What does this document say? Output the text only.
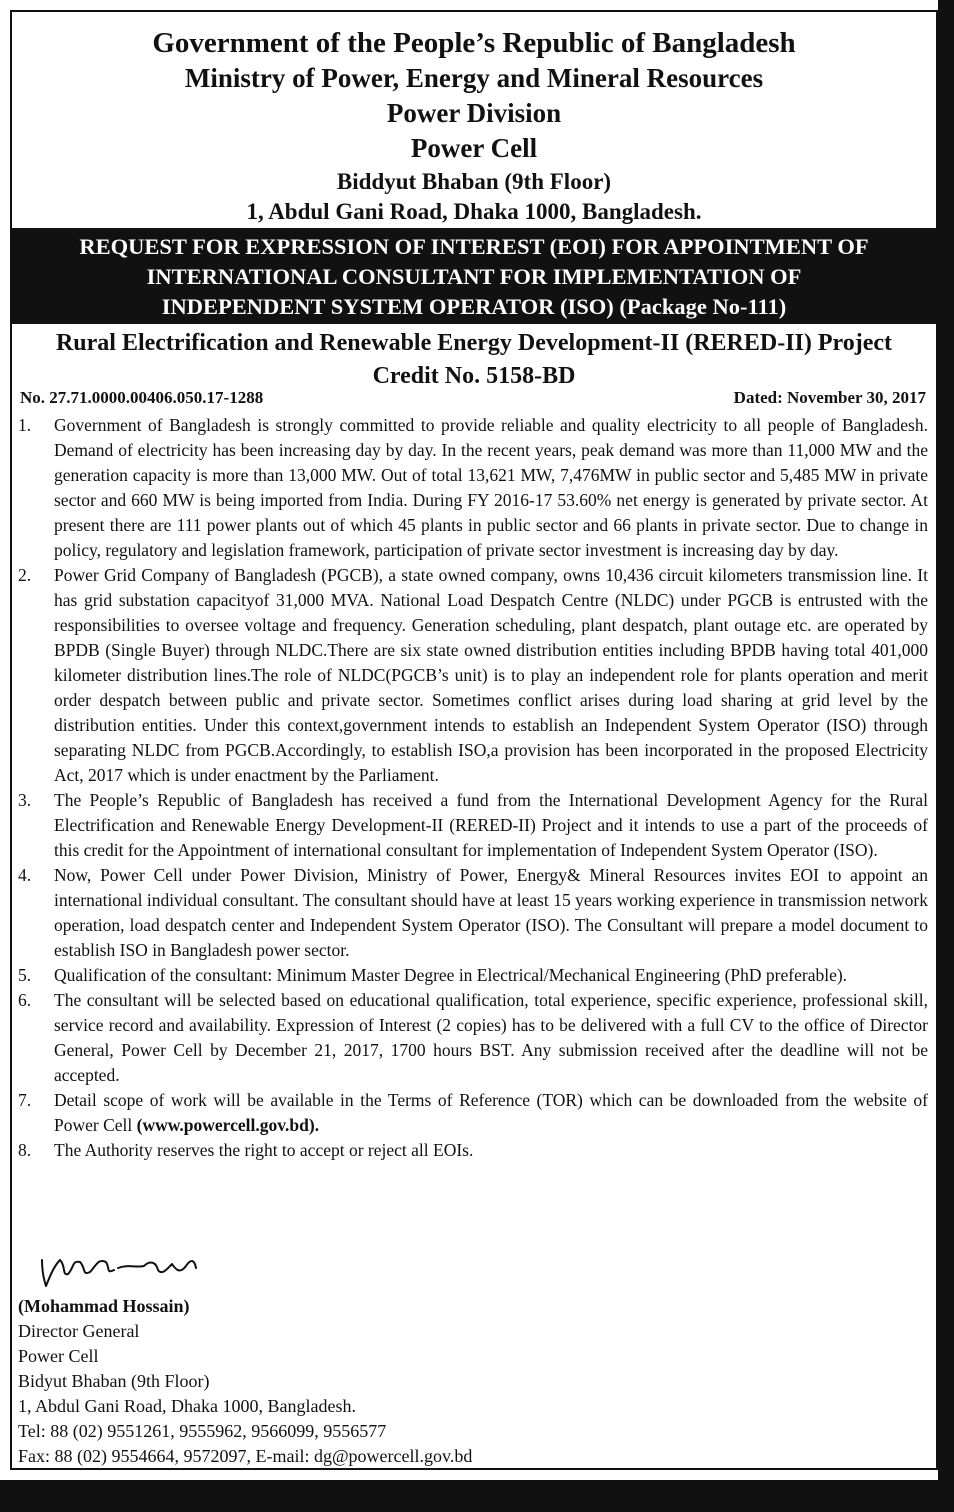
Government of the People’s Republic of Bangladesh
Ministry of Power, Energy and Mineral Resources
Power Division
Power Cell
Biddyut Bhaban (9th Floor)
1, Abdul Gani Road, Dhaka 1000, Bangladesh.
REQUEST FOR EXPRESSION OF INTEREST (EOI) FOR APPOINTMENT OF
INTERNATIONAL CONSULTANT FOR IMPLEMENTATION OF
INDEPENDENT SYSTEM OPERATOR (ISO) (Package No-111)
Rural Electrification and Renewable Energy Development-II (RERED-II) Project
Credit No. 5158-BD
No. 27.71.0000.00406.050.17-1288	Dated: November 30, 2017
1.	Government of Bangladesh is strongly committed to provide reliable and quality electricity to all people of Bangladesh. Demand of electricity has been increasing day by day. In the recent years, peak demand was more than 11,000 MW and the generation capacity is more than 13,000 MW. Out of total 13,621 MW, 7,476MW in public sector and 5,485 MW in private sector and 660 MW is being imported from India. During FY 2016-17 53.60% net energy is generated by private sector. At present there are 111 power plants out of which 45 plants in public sector and 66 plants in private sector. Due to change in policy, regulatory and legislation framework, participation of private sector investment is increasing day by day.
2.	Power Grid Company of Bangladesh (PGCB), a state owned company, owns 10,436 circuit kilometers transmission line. It has grid substation capacityof 31,000 MVA. National Load Despatch Centre (NLDC) under PGCB is entrusted with the responsibilities to oversee voltage and frequency. Generation scheduling, plant despatch, plant outage etc. are operated by BPDB (Single Buyer) through NLDC.There are six state owned distribution entities including BPDB having total 401,000 kilometer distribution lines.The role of NLDC(PGCB’s unit) is to play an independent role for plants operation and merit order despatch between public and private sector. Sometimes conflict arises during load sharing at grid level by the distribution entities. Under this context,government intends to establish an Independent System Operator (ISO) through separating NLDC from PGCB.Accordingly, to establish ISO,a provision has been incorporated in the proposed Electricity Act, 2017 which is under enactment by the Parliament.
3.	The People’s Republic of Bangladesh has received a fund from the International Development Agency for the Rural Electrification and Renewable Energy Development-II (RERED-II) Project and it intends to use a part of the proceeds of this credit for the Appointment of international consultant for implementation of Independent System Operator (ISO).
4.	Now, Power Cell under Power Division, Ministry of Power, Energy& Mineral Resources invites EOI to appoint an international individual consultant. The consultant should have at least 15 years working experience in transmission network operation, load despatch center and Independent System Operator (ISO). The Consultant will prepare a model document to establish ISO in Bangladesh power sector.
5.	Qualification of the consultant: Minimum Master Degree in Electrical/Mechanical Engineering (PhD preferable).
6.	The consultant will be selected based on educational qualification, total experience, specific experience, professional skill, service record and availability. Expression of Interest (2 copies) has to be delivered with a full CV to the office of Director General, Power Cell by December 21, 2017, 1700 hours BST. Any submission received after the deadline will not be accepted.
7.	Detail scope of work will be available in the Terms of Reference (TOR) which can be downloaded from the website of Power Cell (www.powercell.gov.bd).
8.	The Authority reserves the right to accept or reject all EOIs.
(Mohammad Hossain)
Director General
Power Cell
Bidyut Bhaban (9th Floor)
1, Abdul Gani Road, Dhaka 1000, Bangladesh.
Tel: 88 (02) 9551261, 9555962, 9566099, 9556577
Fax: 88 (02) 9554664, 9572097, E-mail: dg@powercell.gov.bd
